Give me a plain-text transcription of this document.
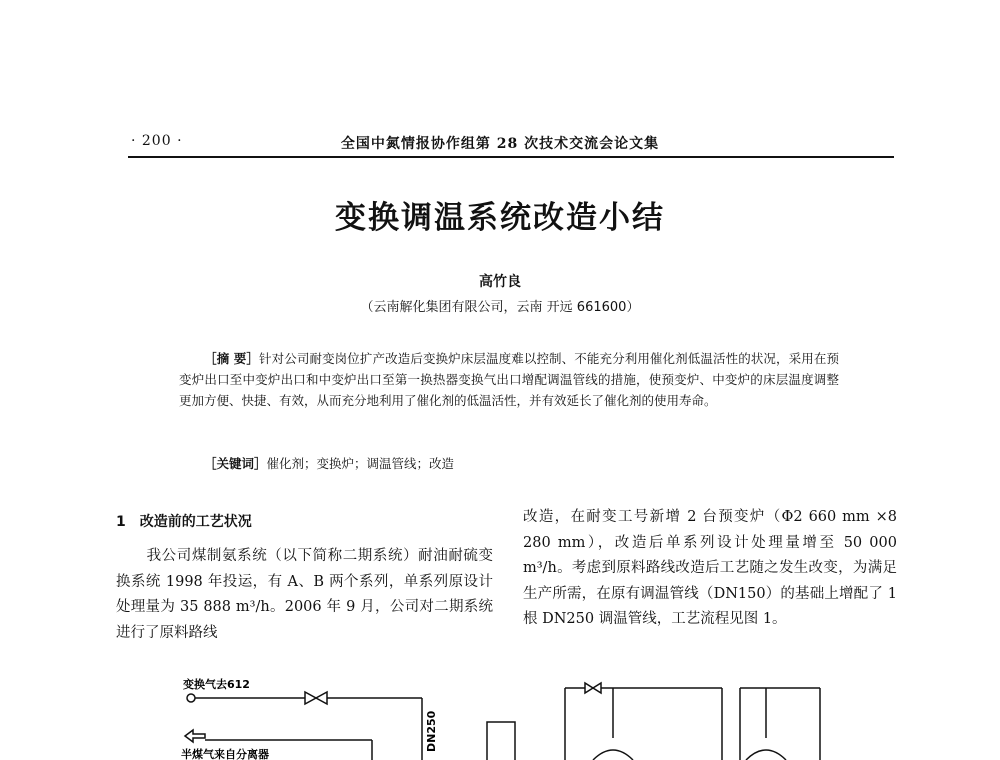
· 200 ·	全国中氮情报协作组第 28 次技术交流会论文集
变换调温系统改造小结
高竹良
（云南解化集团有限公司，云南 开远 661600）
［摘 要］针对公司耐变岗位扩产改造后变换炉床层温度难以控制、不能充分利用催化剂低温活性的状况，采用在预变炉出口至中变炉出口和中变炉出口至第一换热器变换气出口增配调温管线的措施，使预变炉、中变炉的床层温度调整更加方便、快捷、有效，从而充分地利用了催化剂的低温活性，并有效延长了催化剂的使用寿命。
［关键词］催化剂；变换炉；调温管线；改造
1 改造前的工艺状况
我公司煤制氨系统（以下简称二期系统）耐油耐硫变换系统 1998 年投运，有 A、B 两个系列，单系列原设计处理量为 35 888 m³/h。2006 年 9 月，公司对二期系统进行了原料路线
改造，在耐变工号新增 2 台预变炉（Φ2 660 mm ×8 280 mm），改造后单系列设计处理量增至 50 000 m³/h。考虑到原料路线改造后工艺随之发生改变，为满足生产所需，在原有调温管线（DN150）的基础上增配了 1 根 DN250 调温管线，工艺流程见图 1。
变换气去612
半煤气来自分离器
DN250
